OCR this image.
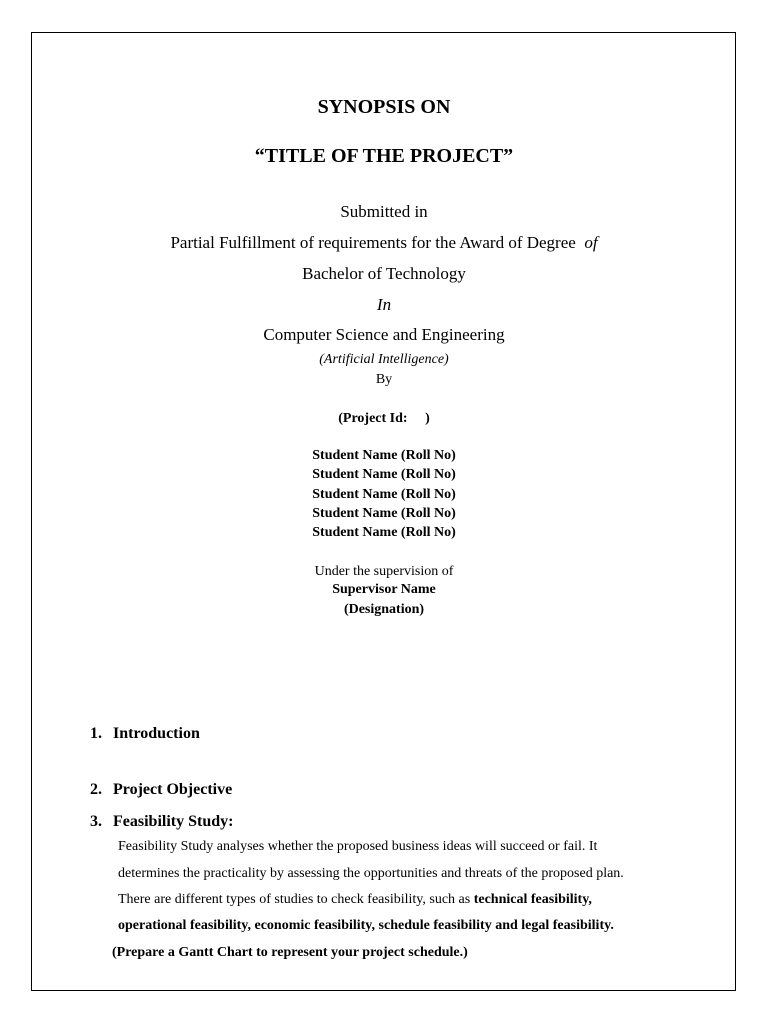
SYNOPSIS ON
“TITLE OF THE PROJECT”
Submitted in
Partial Fulfillment of requirements for the Award of Degree of
Bachelor of Technology
In
Computer Science and Engineering
(Artificial Intelligence)
By
(Project Id:     )
Student Name (Roll No)
Student Name (Roll No)
Student Name (Roll No)
Student Name (Roll No)
Student Name (Roll No)
Under the supervision of
Supervisor Name
(Designation)
1. Introduction
2. Project Objective
3. Feasibility Study:
Feasibility Study analyses whether the proposed business ideas will succeed or fail. It
determines the practicality by assessing the opportunities and threats of the proposed plan.
There are different types of studies to check feasibility, such as technical feasibility,
operational feasibility, economic feasibility, schedule feasibility and legal feasibility.
(Prepare a Gantt Chart to represent your project schedule.)
